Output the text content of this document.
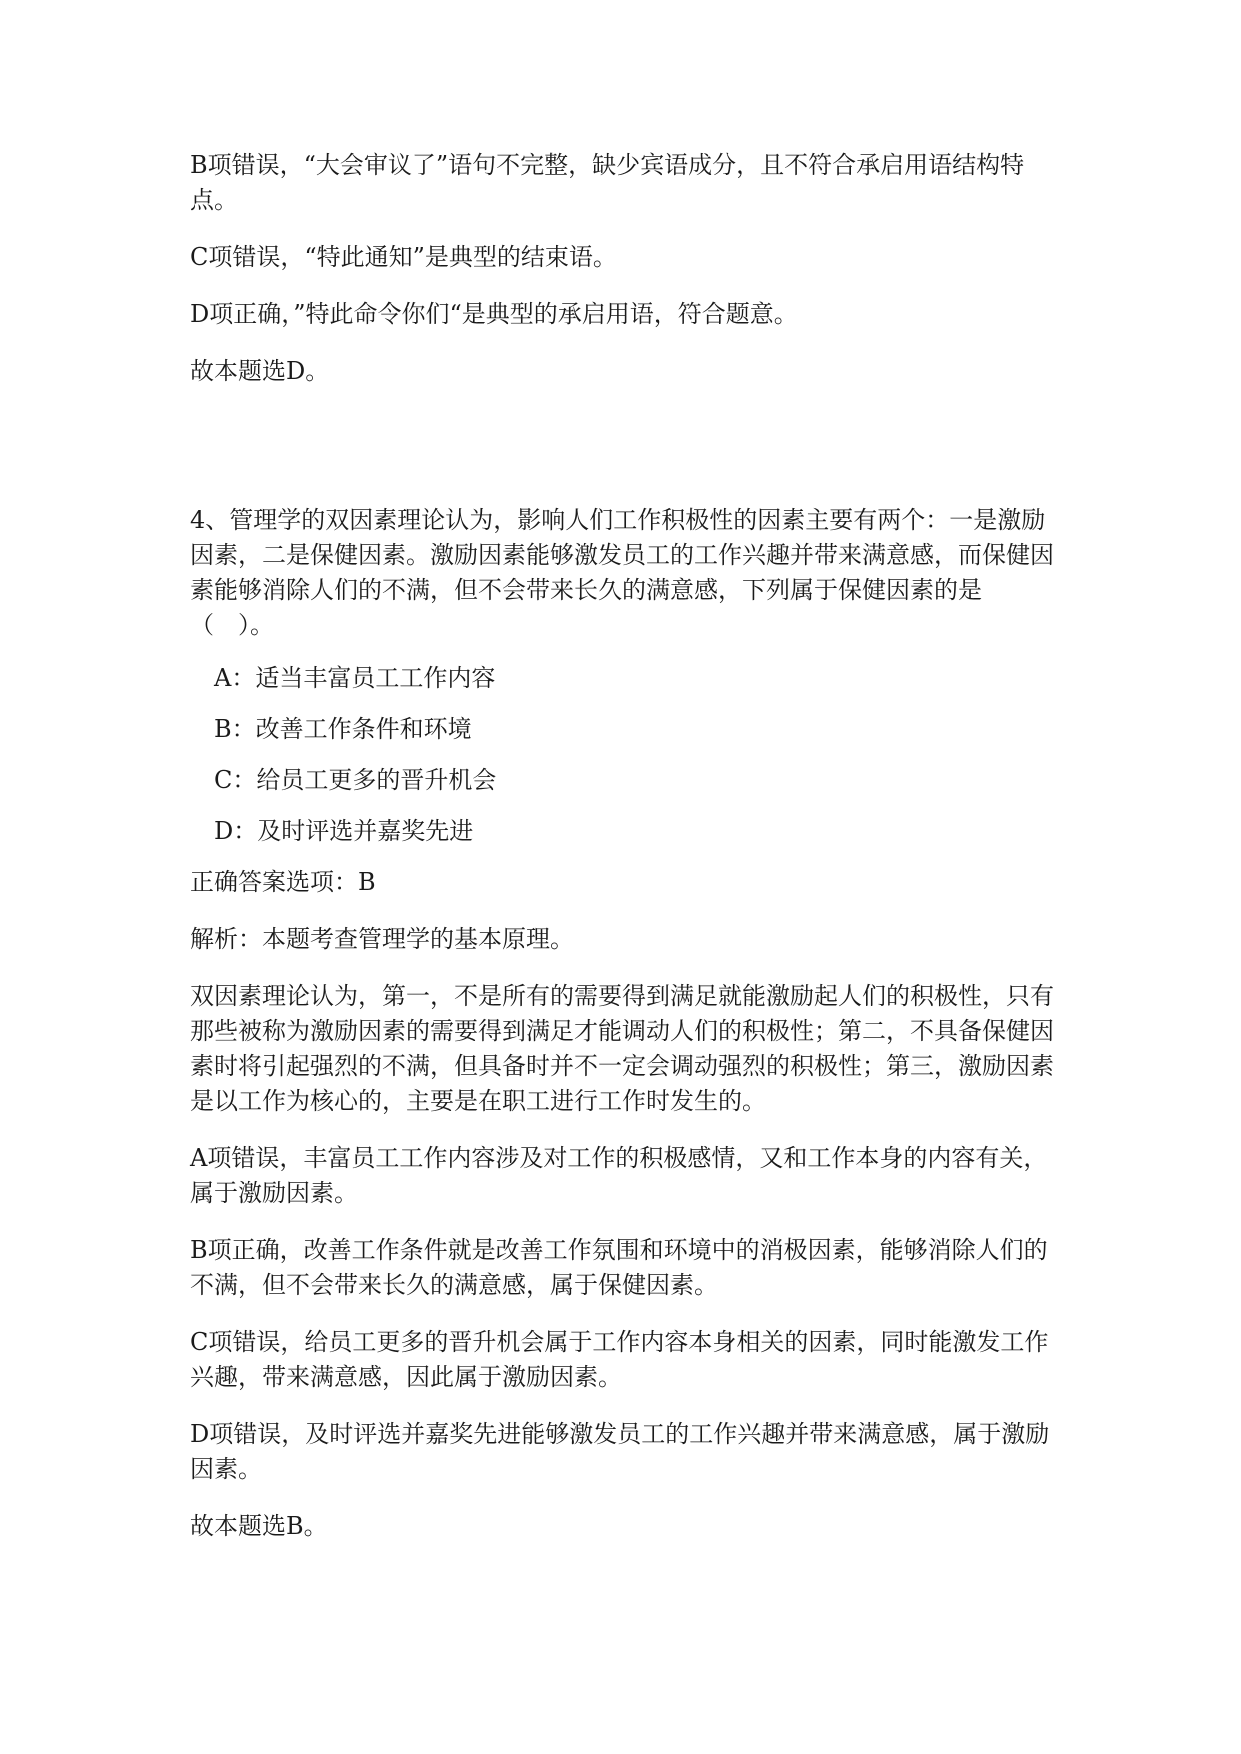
B项错误，“大会审议了”语句不完整，缺少宾语成分，且不符合承启用语结构特点。

C项错误，“特此通知”是典型的结束语。

D项正确，”特此命令你们“是典型的承启用语，符合题意。

故本题选D。

4、管理学的双因素理论认为，影响人们工作积极性的因素主要有两个：一是激励因素，二是保健因素。激励因素能够激发员工的工作兴趣并带来满意感，而保健因素能够消除人们的不满，但不会带来长久的满意感，下列属于保健因素的是（　）。

A：适当丰富员工工作内容

B：改善工作条件和环境

C：给员工更多的晋升机会

D：及时评选并嘉奖先进

正确答案选项：B

解析：本题考查管理学的基本原理。

双因素理论认为，第一，不是所有的需要得到满足就能激励起人们的积极性，只有那些被称为激励因素的需要得到满足才能调动人们的积极性；第二，不具备保健因素时将引起强烈的不满，但具备时并不一定会调动强烈的积极性；第三，激励因素是以工作为核心的，主要是在职工进行工作时发生的。

A项错误，丰富员工工作内容涉及对工作的积极感情，又和工作本身的内容有关，属于激励因素。

B项正确，改善工作条件就是改善工作氛围和环境中的消极因素，能够消除人们的不满，但不会带来长久的满意感，属于保健因素。

C项错误，给员工更多的晋升机会属于工作内容本身相关的因素，同时能激发工作兴趣，带来满意感，因此属于激励因素。

D项错误，及时评选并嘉奖先进能够激发员工的工作兴趣并带来满意感，属于激励因素。

故本题选B。
